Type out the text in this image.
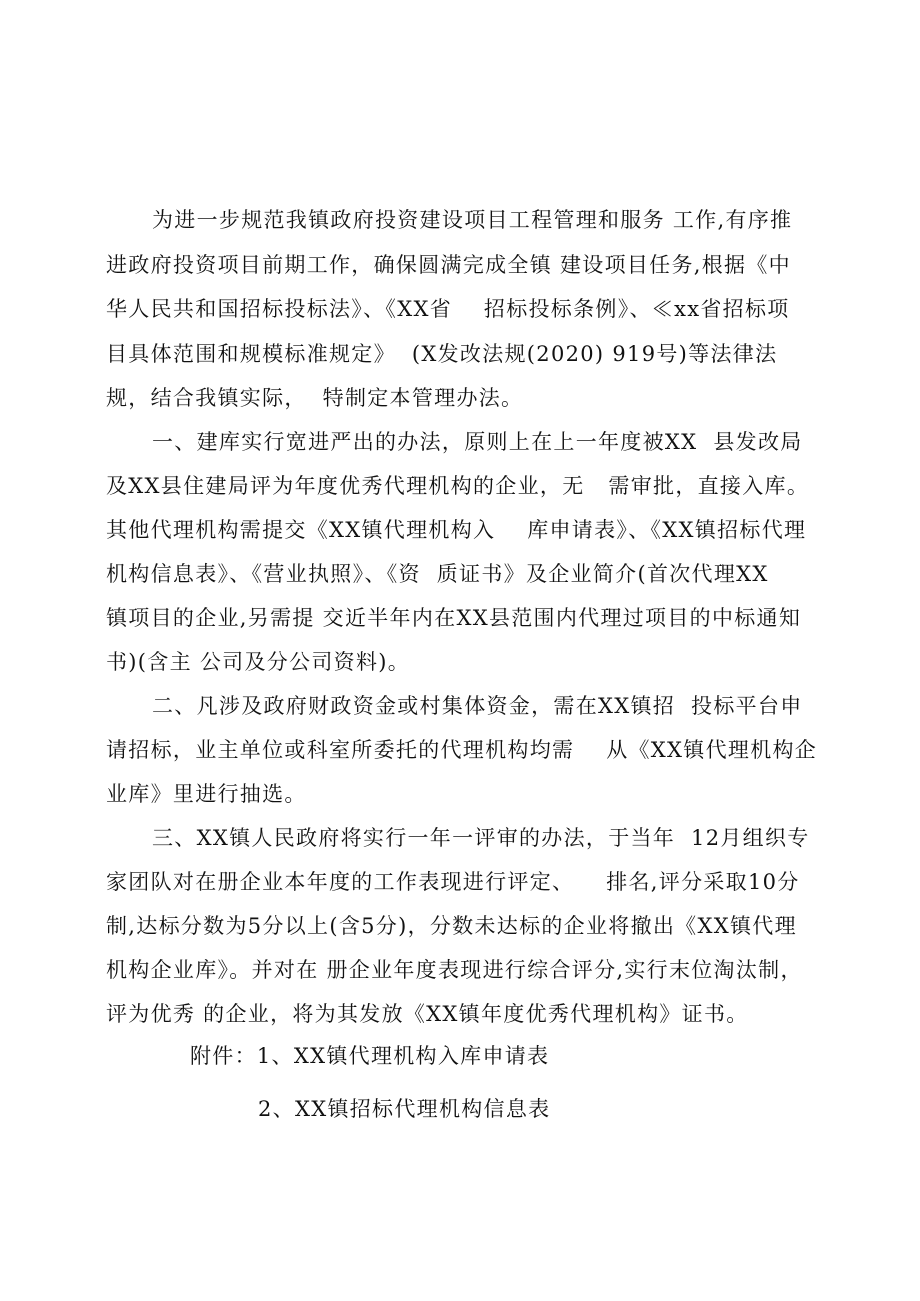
为进一步规范我镇政府投资建设项目工程管理和服务 工作,有序推
进政府投资项目前期工作，确保圆满完成全镇 建设项目任务,根据《中
华人民共和国招标投标法》、《XX省    招标投标条例》、≪xx省招标项
目具体范围和规模标准规定》  (X发改法规(2020) 919号)等法律法
规，结合我镇实际，  特制定本管理办法。
一、建库实行宽进严出的办法，原则上在上一年度被XX  县发改局
及XX县住建局评为年度优秀代理机构的企业，无   需审批，直接入库。
其他代理机构需提交《XX镇代理机构入    库申请表》、《XX镇招标代理
机构信息表》、《营业执照》、《资  质证书》及企业简介(首次代理XX
镇项目的企业,另需提 交近半年内在XX县范围内代理过项目的中标通知
书)(含主 公司及分公司资料)。
二、凡涉及政府财政资金或村集体资金，需在XX镇招  投标平台申
请招标，业主单位或科室所委托的代理机构均需    从《XX镇代理机构企
业库》里进行抽选。
三、XX镇人民政府将实行一年一评审的办法，于当年  12月组织专
家团队对在册企业本年度的工作表现进行评定、    排名,评分采取10分
制,达标分数为5分以上(含5分)，分数未达标的企业将撤出《XX镇代理
机构企业库》。并对在 册企业年度表现进行综合评分,实行末位淘汰制，
评为优秀 的企业，将为其发放《XX镇年度优秀代理机构》证书。
附件：1、XX镇代理机构入库申请表
2、XX镇招标代理机构信息表
